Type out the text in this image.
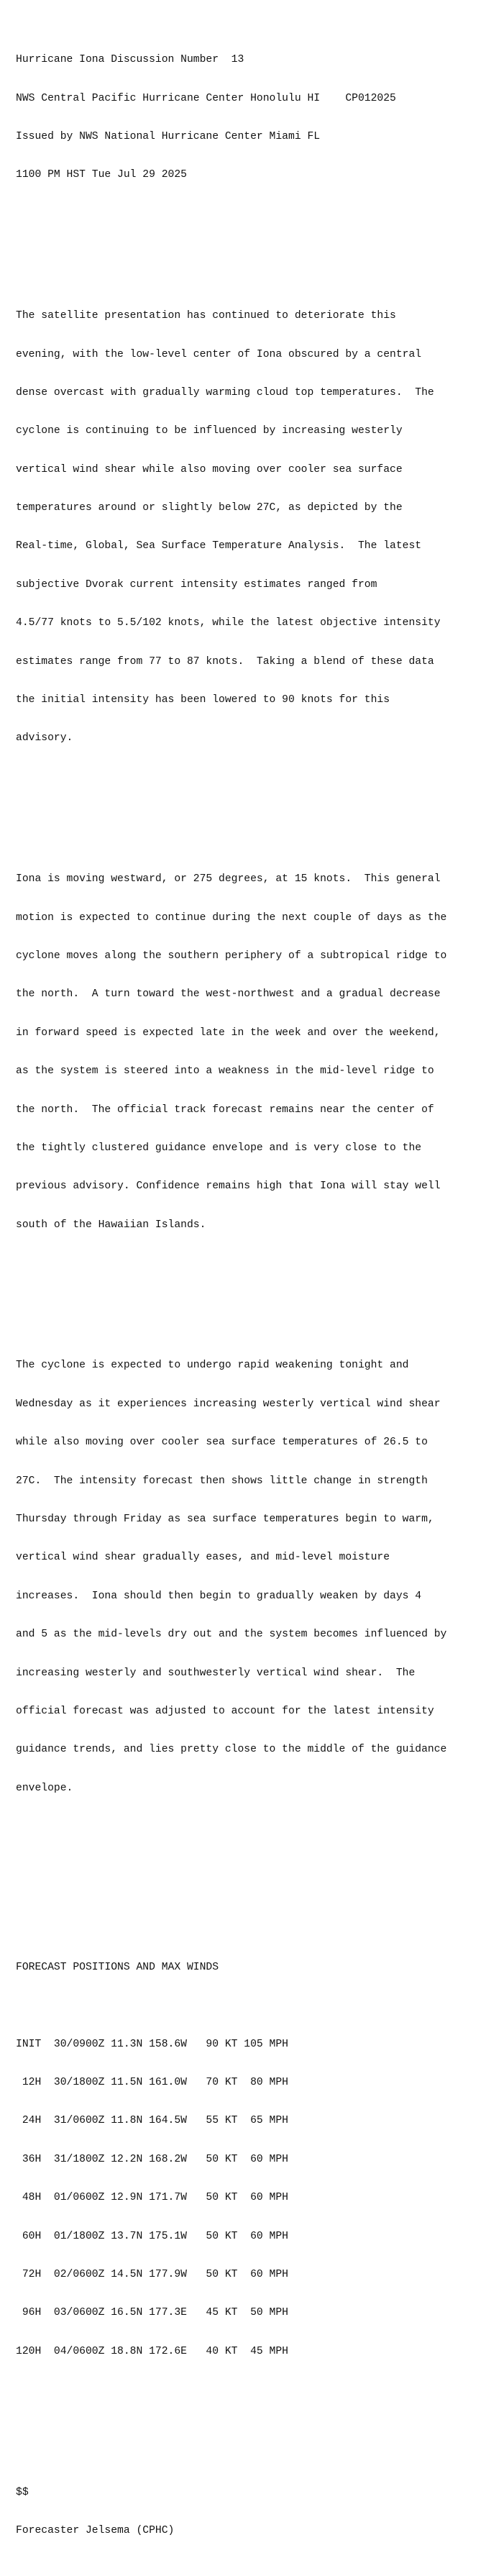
Hurricane Iona Discussion Number  13

NWS Central Pacific Hurricane Center Honolulu HI    CP012025

Issued by NWS National Hurricane Center Miami FL

1100 PM HST Tue Jul 29 2025

The satellite presentation has continued to deteriorate this

evening, with the low-level center of Iona obscured by a central

dense overcast with gradually warming cloud top temperatures.  The

cyclone is continuing to be influenced by increasing westerly

vertical wind shear while also moving over cooler sea surface

temperatures around or slightly below 27C, as depicted by the

Real-time, Global, Sea Surface Temperature Analysis.  The latest

subjective Dvorak current intensity estimates ranged from

4.5/77 knots to 5.5/102 knots, while the latest objective intensity

estimates range from 77 to 87 knots.  Taking a blend of these data

the initial intensity has been lowered to 90 knots for this

advisory.

Iona is moving westward, or 275 degrees, at 15 knots.  This general

motion is expected to continue during the next couple of days as the

cyclone moves along the southern periphery of a subtropical ridge to

the north.  A turn toward the west-northwest and a gradual decrease

in forward speed is expected late in the week and over the weekend,

as the system is steered into a weakness in the mid-level ridge to

the north.  The official track forecast remains near the center of

the tightly clustered guidance envelope and is very close to the

previous advisory. Confidence remains high that Iona will stay well

south of the Hawaiian Islands.

The cyclone is expected to undergo rapid weakening tonight and

Wednesday as it experiences increasing westerly vertical wind shear

while also moving over cooler sea surface temperatures of 26.5 to

27C.  The intensity forecast then shows little change in strength

Thursday through Friday as sea surface temperatures begin to warm,

vertical wind shear gradually eases, and mid-level moisture

increases.  Iona should then begin to gradually weaken by days 4

and 5 as the mid-levels dry out and the system becomes influenced by

increasing westerly and southwesterly vertical wind shear.  The

official forecast was adjusted to account for the latest intensity

guidance trends, and lies pretty close to the middle of the guidance

envelope.

FORECAST POSITIONS AND MAX WINDS

INIT  30/0900Z 11.3N 158.6W   90 KT 105 MPH

12H  30/1800Z 11.5N 161.0W   70 KT  80 MPH

24H  31/0600Z 11.8N 164.5W   55 KT  65 MPH

36H  31/1800Z 12.2N 168.2W   50 KT  60 MPH

48H  01/0600Z 12.9N 171.7W   50 KT  60 MPH

60H  01/1800Z 13.7N 175.1W   50 KT  60 MPH

72H  02/0600Z 14.5N 177.9W   50 KT  60 MPH

96H  03/0600Z 16.5N 177.3E   45 KT  50 MPH

120H  04/0600Z 18.8N 172.6E   40 KT  45 MPH

$$

Forecaster Jelsema (CPHC)
